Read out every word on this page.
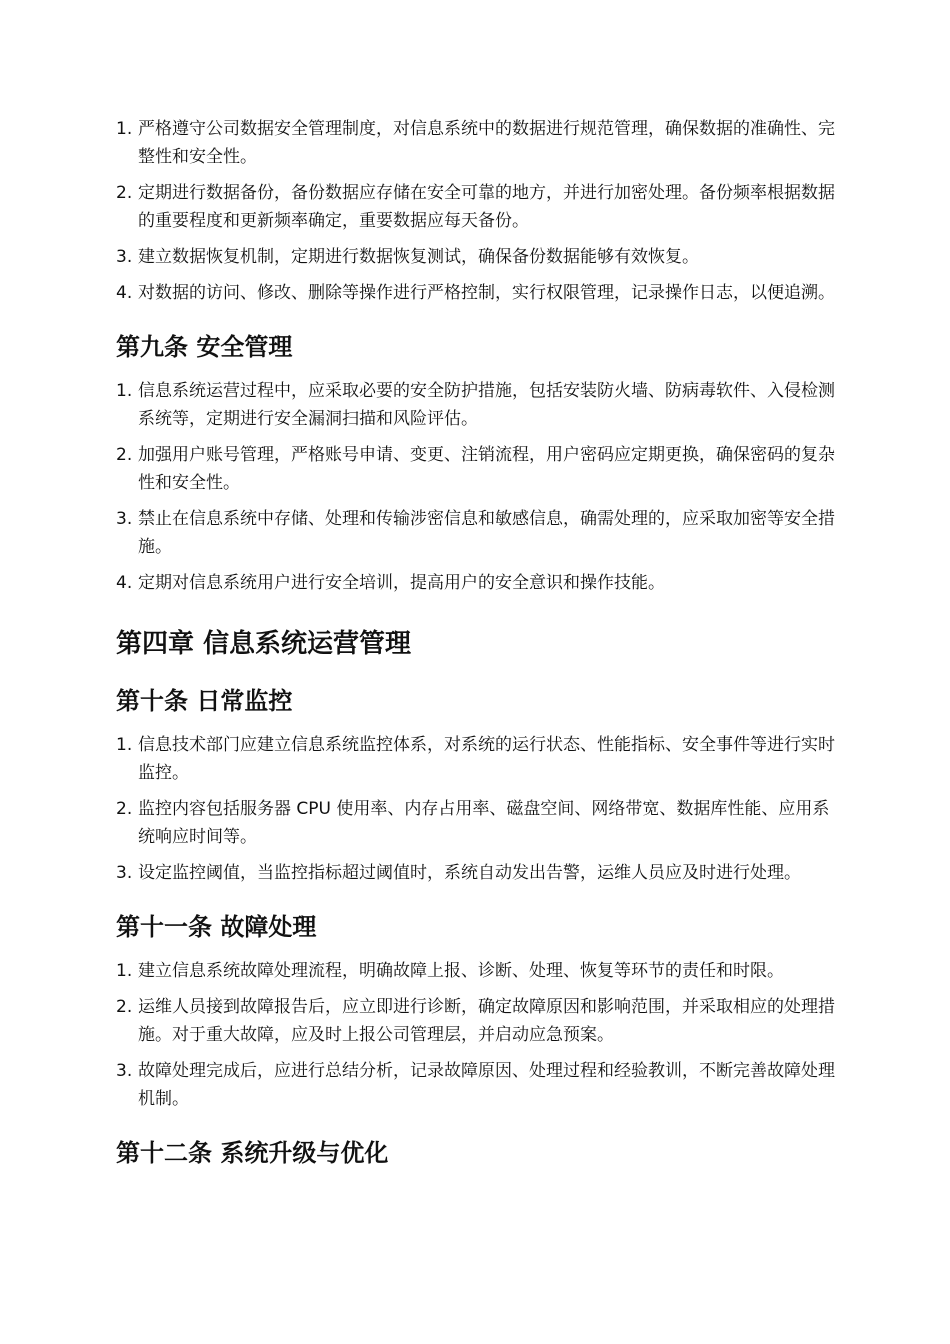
1. 严格遵守公司数据安全管理制度，对信息系统中的数据进行规范管理，确保数据的准确性、完整性和安全性。
2. 定期进行数据备份，备份数据应存储在安全可靠的地方，并进行加密处理。备份频率根据数据的重要程度和更新频率确定，重要数据应每天备份。
3. 建立数据恢复机制，定期进行数据恢复测试，确保备份数据能够有效恢复。
4. 对数据的访问、修改、删除等操作进行严格控制，实行权限管理，记录操作日志，以便追溯。
第九条 安全管理
1. 信息系统运营过程中，应采取必要的安全防护措施，包括安装防火墙、防病毒软件、入侵检测系统等，定期进行安全漏洞扫描和风险评估。
2. 加强用户账号管理，严格账号申请、变更、注销流程，用户密码应定期更换，确保密码的复杂性和安全性。
3. 禁止在信息系统中存储、处理和传输涉密信息和敏感信息，确需处理的，应采取加密等安全措施。
4. 定期对信息系统用户进行安全培训，提高用户的安全意识和操作技能。
第四章 信息系统运营管理
第十条 日常监控
1. 信息技术部门应建立信息系统监控体系，对系统的运行状态、性能指标、安全事件等进行实时监控。
2. 监控内容包括服务器 CPU 使用率、内存占用率、磁盘空间、网络带宽、数据库性能、应用系统响应时间等。
3. 设定监控阈值，当监控指标超过阈值时，系统自动发出告警，运维人员应及时进行处理。
第十一条 故障处理
1. 建立信息系统故障处理流程，明确故障上报、诊断、处理、恢复等环节的责任和时限。
2. 运维人员接到故障报告后，应立即进行诊断，确定故障原因和影响范围，并采取相应的处理措施。对于重大故障，应及时上报公司管理层，并启动应急预案。
3. 故障处理完成后，应进行总结分析，记录故障原因、处理过程和经验教训，不断完善故障处理机制。
第十二条 系统升级与优化
